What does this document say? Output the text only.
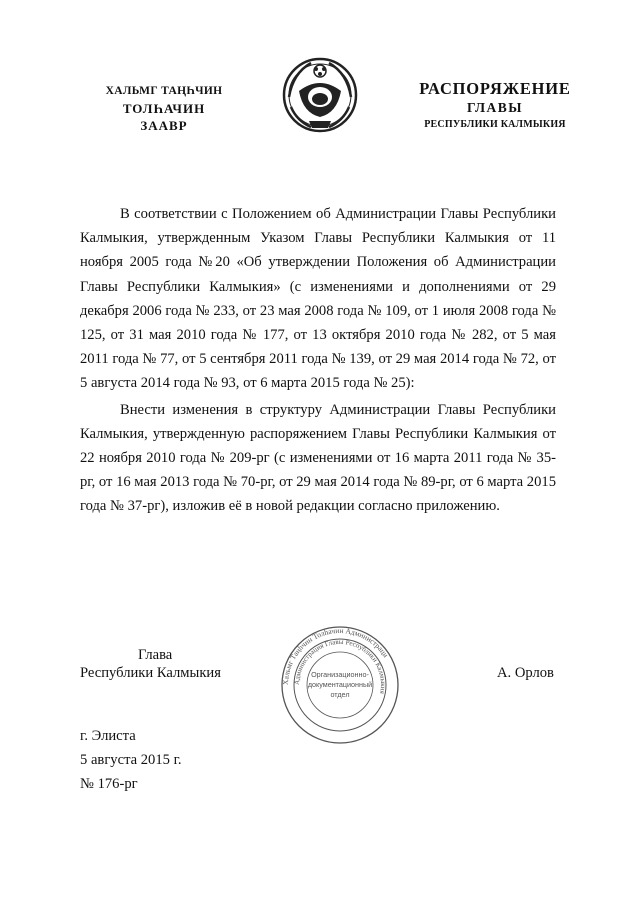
ХАЛЬМГ ТАҢҺЧИН
ТОЛҺАЧИН
ЗААВР
РАСПОРЯЖЕНИЕ
ГЛАВЫ
РЕСПУБЛИКИ КАЛМЫКИЯ

В соответствии с Положением об Администрации Главы Республики Калмыкия, утвержденным Указом Главы Республики Калмыкия от 11 ноября 2005 года №20 «Об утверждении Положения об Администрации Главы Республики Калмыкия» (с изменениями и дополнениями от 29 декабря 2006 года № 233, от 23 мая 2008 года № 109, от 1 июля 2008 года № 125, от 31 мая 2010 года № 177, от 13 октября 2010 года № 282, от 5 мая 2011 года № 77, от 5 сентября 2011 года № 139, от 29 мая 2014 года № 72, от 5 августа 2014 года № 93, от 6 марта 2015 года № 25):

Внести изменения в структуру Администрации Главы Республики Калмыкия, утвержденную распоряжением Главы Республики Калмыкия от 22 ноября 2010 года № 209-рг (с изменениями от 16 марта 2011 года № 35-рг, от 16 мая 2013 года № 70-рг, от 29 мая 2014 года № 89-рг, от 6 марта 2015 года № 37-рг), изложив её в новой редакции согласно приложению.

Глава
Республики Калмыкия
Хальмг Таңһчин Толһачин Администраци
Администрация Главы Республики Калмыкия
Организационно-
документационный
отдел
А. Орлов
г. Элиста
5 августа 2015 г.
№ 176-рг
